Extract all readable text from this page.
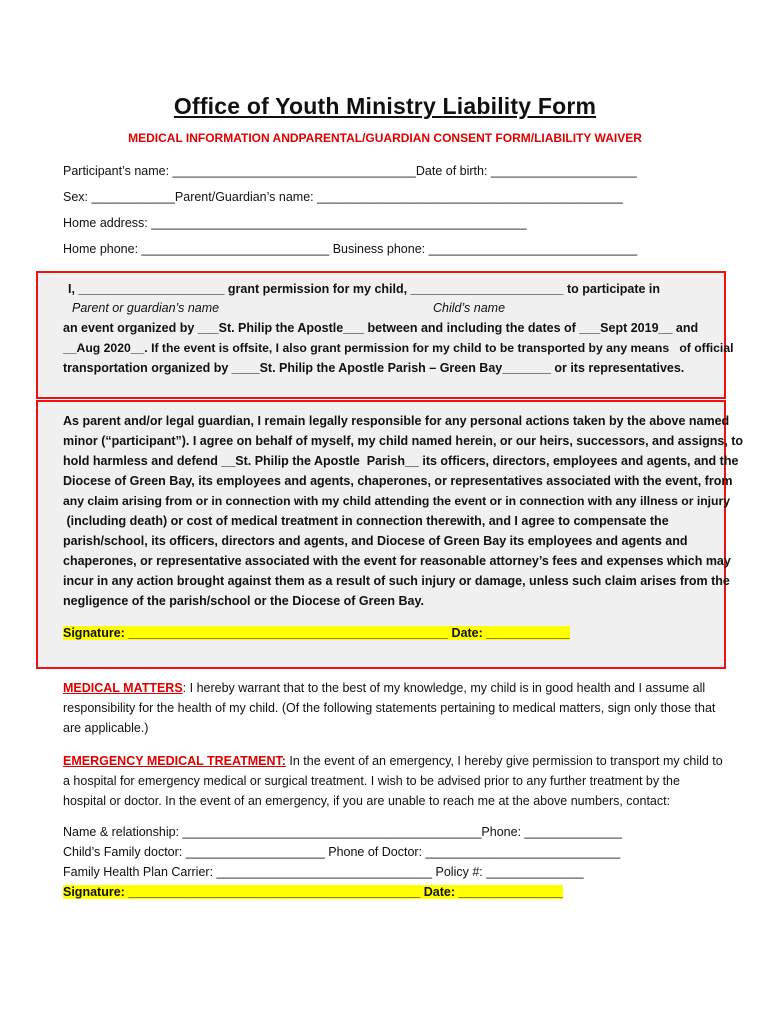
Office of Youth Ministry Liability Form
MEDICAL INFORMATION ANDPARENTAL/GUARDIAN CONSENT FORM/LIABILITY WAIVER
Participant’s name: ___________________________________Date of birth: _____________________
Sex: ____________Parent/Guardian’s name: ____________________________________________
Home address: ______________________________________________________
Home phone: ___________________________ Business phone: ______________________________
I, _____________________ grant permission for my child, ______________________ to participate in
Parent or guardian’s name	Child’s name
an event organized by ___St. Philip the Apostle___ between and including the dates of ___Sept 2019__ and
__Aug 2020__. If the event is offsite, I also grant permission for my child to be transported by any means   of official
transportation organized by ____St. Philip the Apostle Parish – Green Bay_______ or its representatives.
As parent and/or legal guardian, I remain legally responsible for any personal actions taken by the above named
minor (“participant”). I agree on behalf of myself, my child named herein, or our heirs, successors, and assigns, to
hold harmless and defend __St. Philip the Apostle  Parish__ its officers, directors, employees and agents, and the
Diocese of Green Bay, its employees and agents, chaperones, or representatives associated with the event, from
any claim arising from or in connection with my child attending the event or in connection with any illness or injury
(including death) or cost of medical treatment in connection therewith, and I agree to compensate the
parish/school, its officers, directors and agents, and Diocese of Green Bay its employees and agents and
chaperones, or representative associated with the event for reasonable attorney’s fees and expenses which may
incur in any action brought against them as a result of such injury or damage, unless such claim arises from the
negligence of the parish/school or the Diocese of Green Bay.
Signature: ______________________________________________ Date: ____________
MEDICAL MATTERS: I hereby warrant that to the best of my knowledge, my child is in good health and I assume all responsibility for the health of my child. (Of the following statements pertaining to medical matters, sign only those that are applicable.)
EMERGENCY MEDICAL TREATMENT: In the event of an emergency, I hereby give permission to transport my child to a hospital for emergency medical or surgical treatment. I wish to be advised prior to any further treatment by the hospital or doctor. In the event of an emergency, if you are unable to reach me at the above numbers, contact:
Name & relationship: ___________________________________________Phone: ______________
Child’s Family doctor: ____________________ Phone of Doctor: ____________________________
Family Health Plan Carrier: _______________________________ Policy #: ______________
Signature: __________________________________________ Date: _______________
